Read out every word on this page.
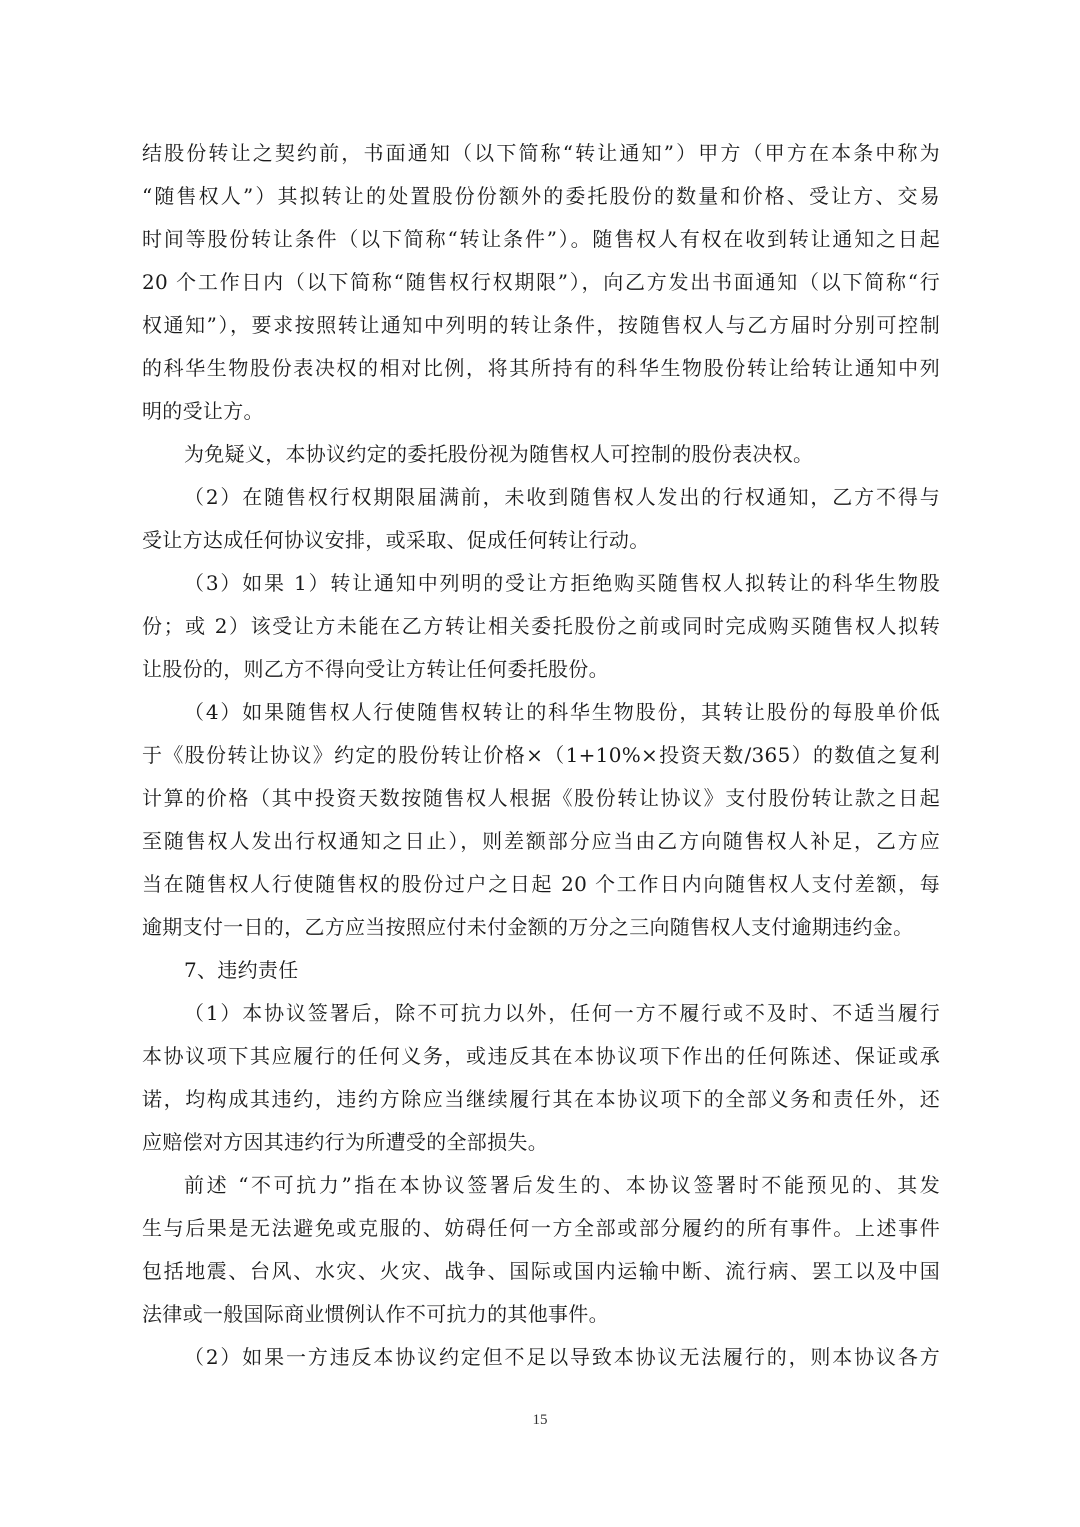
结股份转让之契约前，书面通知（以下简称“转让通知”）甲方（甲方在本条中称为
“随售权人”）其拟转让的处置股份份额外的委托股份的数量和价格、受让方、交易
时间等股份转让条件（以下简称“转让条件”）。随售权人有权在收到转让通知之日起
20 个工作日内（以下简称“随售权行权期限”），向乙方发出书面通知（以下简称“行
权通知”），要求按照转让通知中列明的转让条件，按随售权人与乙方届时分别可控制
的科华生物股份表决权的相对比例，将其所持有的科华生物股份转让给转让通知中列
明的受让方。
为免疑义，本协议约定的委托股份视为随售权人可控制的股份表决权。
（2）在随售权行权期限届满前，未收到随售权人发出的行权通知，乙方不得与
受让方达成任何协议安排，或采取、促成任何转让行动。
（3）如果 1）转让通知中列明的受让方拒绝购买随售权人拟转让的科华生物股
份；或 2）该受让方未能在乙方转让相关委托股份之前或同时完成购买随售权人拟转
让股份的，则乙方不得向受让方转让任何委托股份。
（4）如果随售权人行使随售权转让的科华生物股份，其转让股份的每股单价低
于《股份转让协议》约定的股份转让价格×（1+10%×投资天数/365）的数值之复利
计算的价格（其中投资天数按随售权人根据《股份转让协议》支付股份转让款之日起
至随售权人发出行权通知之日止），则差额部分应当由乙方向随售权人补足，乙方应
当在随售权人行使随售权的股份过户之日起 20 个工作日内向随售权人支付差额，每
逾期支付一日的，乙方应当按照应付未付金额的万分之三向随售权人支付逾期违约金。
7、违约责任
（1）本协议签署后，除不可抗力以外，任何一方不履行或不及时、不适当履行
本协议项下其应履行的任何义务，或违反其在本协议项下作出的任何陈述、保证或承
诺，均构成其违约，违约方除应当继续履行其在本协议项下的全部义务和责任外，还
应赔偿对方因其违约行为所遭受的全部损失。
前述 “不可抗力”指在本协议签署后发生的、本协议签署时不能预见的、其发
生与后果是无法避免或克服的、妨碍任何一方全部或部分履约的所有事件。上述事件
包括地震、台风、水灾、火灾、战争、国际或国内运输中断、流行病、罢工以及中国
法律或一般国际商业惯例认作不可抗力的其他事件。
（2）如果一方违反本协议约定但不足以导致本协议无法履行的，则本协议各方
15
